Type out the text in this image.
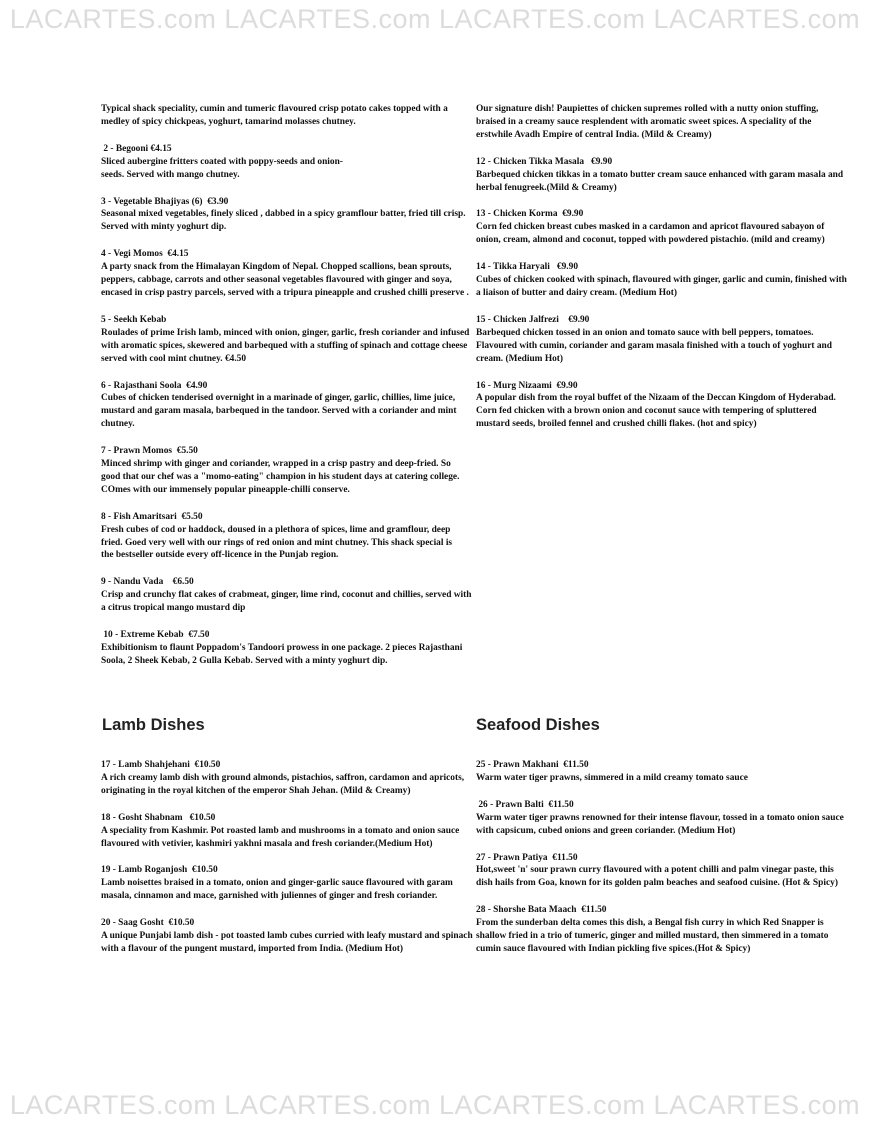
LACARTES.com LACARTES.com LACARTES.com LACARTES.com
Typical shack speciality, cumin and tumeric flavoured crisp potato cakes topped with a medley of spicy chickpeas, yoghurt, tamarind molasses chutney.
2 - Begooni €4.15
Sliced aubergine fritters coated with poppy-seeds and onion-seeds. Served with mango chutney.
3 - Vegetable Bhajiyas (6)  €3.90
Seasonal mixed vegetables, finely sliced , dabbed in a spicy gramflour batter, fried till crisp. Served with minty yoghurt dip.
4 - Vegi Momos  €4.15
A party snack from the Himalayan Kingdom of Nepal. Chopped scallions, bean sprouts, peppers, cabbage, carrots and other seasonal vegetables flavoured with ginger and soya, encased in crisp pastry parcels, served with a tripura pineapple and crushed chilli preserve .
5 - Seekh Kebab
Roulades of prime Irish lamb, minced with onion, ginger, garlic, fresh coriander and infused with aromatic spices, skewered and barbequed with a stuffing of spinach and cottage cheese served with cool mint chutney. €4.50
6 - Rajasthani Soola  €4.90
Cubes of chicken tenderised overnight in a marinade of ginger, garlic, chillies, lime juice, mustard and garam masala, barbequed in the tandoor. Served with a coriander and mint chutney.
7 - Prawn Momos  €5.50
Minced shrimp with ginger and coriander, wrapped in a crisp pastry and deep-fried. So good that our chef was a "momo-eating" champion in his student days at catering college. COmes with our immensely popular pineapple-chilli conserve.
8 - Fish Amaritsari  €5.50
Fresh cubes of cod or haddock, doused in a plethora of spices, lime and gramflour, deep fried. Goed very well with our rings of red onion and mint chutney. This shack special is the bestseller outside every off-licence in the Punjab region.
9 - Nandu Vada    €6.50
Crisp and crunchy flat cakes of crabmeat, ginger, lime rind, coconut and chillies, served with a citrus tropical mango mustard dip
10 - Extreme Kebab  €7.50
Exhibitionism to flaunt Poppadom's Tandoori prowess in one package. 2 pieces Rajasthani Soola, 2 Sheek Kebab, 2 Gulla Kebab. Served with a minty yoghurt dip.
Our signature dish! Paupiettes of chicken supremes rolled with a nutty onion stuffing, braised in a creamy sauce resplendent with aromatic sweet spices. A speciality of the erstwhile Avadh Empire of central India. (Mild & Creamy)
12 - Chicken Tikka Masala   €9.90
Barbequed chicken tikkas in a tomato butter cream sauce enhanced with garam masala and herbal fenugreek.(Mild & Creamy)
13 - Chicken Korma  €9.90
Corn fed chicken breast cubes masked in a cardamon and apricot flavoured sabayon of onion, cream, almond and coconut, topped with powdered pistachio. (mild and creamy)
14 - Tikka Haryali   €9.90
Cubes of chicken cooked with spinach, flavoured with ginger, garlic and cumin, finished with a liaison of butter and dairy cream. (Medium Hot)
15 - Chicken Jalfrezi    €9.90
Barbequed chicken tossed in an onion and tomato sauce with bell peppers, tomatoes. Flavoured with cumin, coriander and garam masala finished with a touch of yoghurt and cream. (Medium Hot)
16 - Murg Nizaami  €9.90
A popular dish from the royal buffet of the Nizaam of the Deccan Kingdom of Hyderabad. Corn fed chicken with a brown onion and coconut sauce with tempering of spluttered mustard seeds, broiled fennel and crushed chilli flakes. (hot and spicy)
Lamb Dishes	Seafood Dishes
17 - Lamb Shahjehani  €10.50
A rich creamy lamb dish with ground almonds, pistachios, saffron, cardamon and apricots, originating in the royal kitchen of the emperor Shah Jehan. (Mild & Creamy)
18 - Gosht Shabnam   €10.50
A speciality from Kashmir. Pot roasted lamb and mushrooms in a tomato and onion sauce flavoured with vetivier, kashmiri yakhni masala and fresh coriander.(Medium Hot)
19 - Lamb Roganjosh  €10.50
Lamb noisettes braised in a tomato, onion and ginger-garlic sauce flavoured with garam masala, cinnamon and mace, garnished with juliennes of ginger and fresh coriander.
20 - Saag Gosht  €10.50
A unique Punjabi lamb dish - pot toasted lamb cubes curried with leafy mustard and spinach with a flavour of the pungent mustard, imported from India. (Medium Hot)
25 - Prawn Makhani  €11.50
Warm water tiger prawns, simmered in a mild creamy tomato sauce
26 - Prawn Balti  €11.50
Warm water tiger prawns renowned for their intense flavour, tossed in a tomato onion sauce with capsicum, cubed onions and green coriander. (Medium Hot)
27 - Prawn Patiya  €11.50
Hot,sweet 'n' sour prawn curry flavoured with a potent chilli and palm vinegar paste, this dish hails from Goa, known for its golden palm beaches and seafood cuisine. (Hot & Spicy)
28 - Shorshe Bata Maach  €11.50
From the sunderban delta comes this dish, a Bengal fish curry in which Red Snapper is shallow fried in a trio of tumeric, ginger and milled mustard, then simmered in a tomato cumin sauce flavoured with Indian pickling five spices.(Hot & Spicy)
LACARTES.com LACARTES.com LACARTES.com LACARTES.com
